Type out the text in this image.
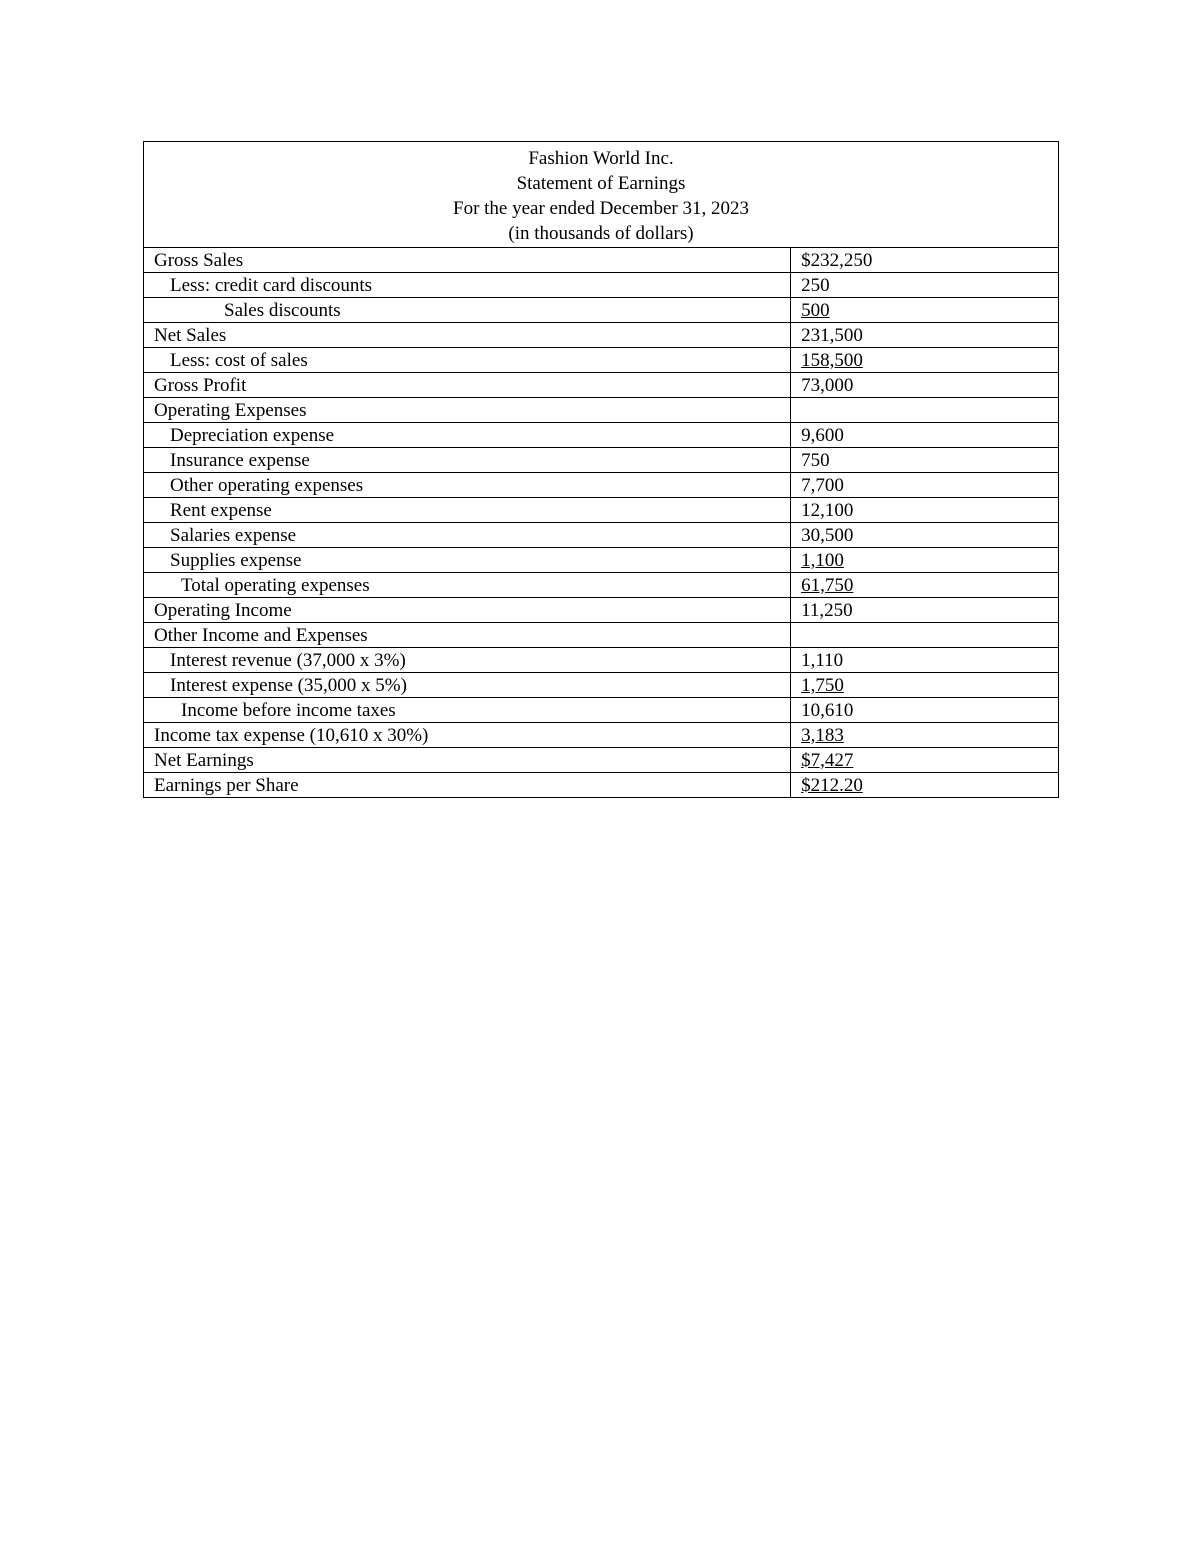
Fashion World Inc.
Statement of Earnings
For the year ended December 31, 2023
(in thousands of dollars)	

Gross Sales	$232,250
Less: credit card discounts	250
Sales discounts	500
Net Sales	231,500
Less: cost of sales	158,500
Gross Profit	73,000
Operating Expenses	
Depreciation expense	9,600
Insurance expense	750
Other operating expenses	7,700
Rent expense	12,100
Salaries expense	30,500
Supplies expense	1,100
Total operating expenses	61,750
Operating Income	11,250
Other Income and Expenses	
Interest revenue (37,000 x 3%)	1,110
Interest expense (35,000 x 5%)	1,750
Income before income taxes	10,610
Income tax expense (10,610 x 30%)	3,183
Net Earnings	$7,427
Earnings per Share	$212.20
